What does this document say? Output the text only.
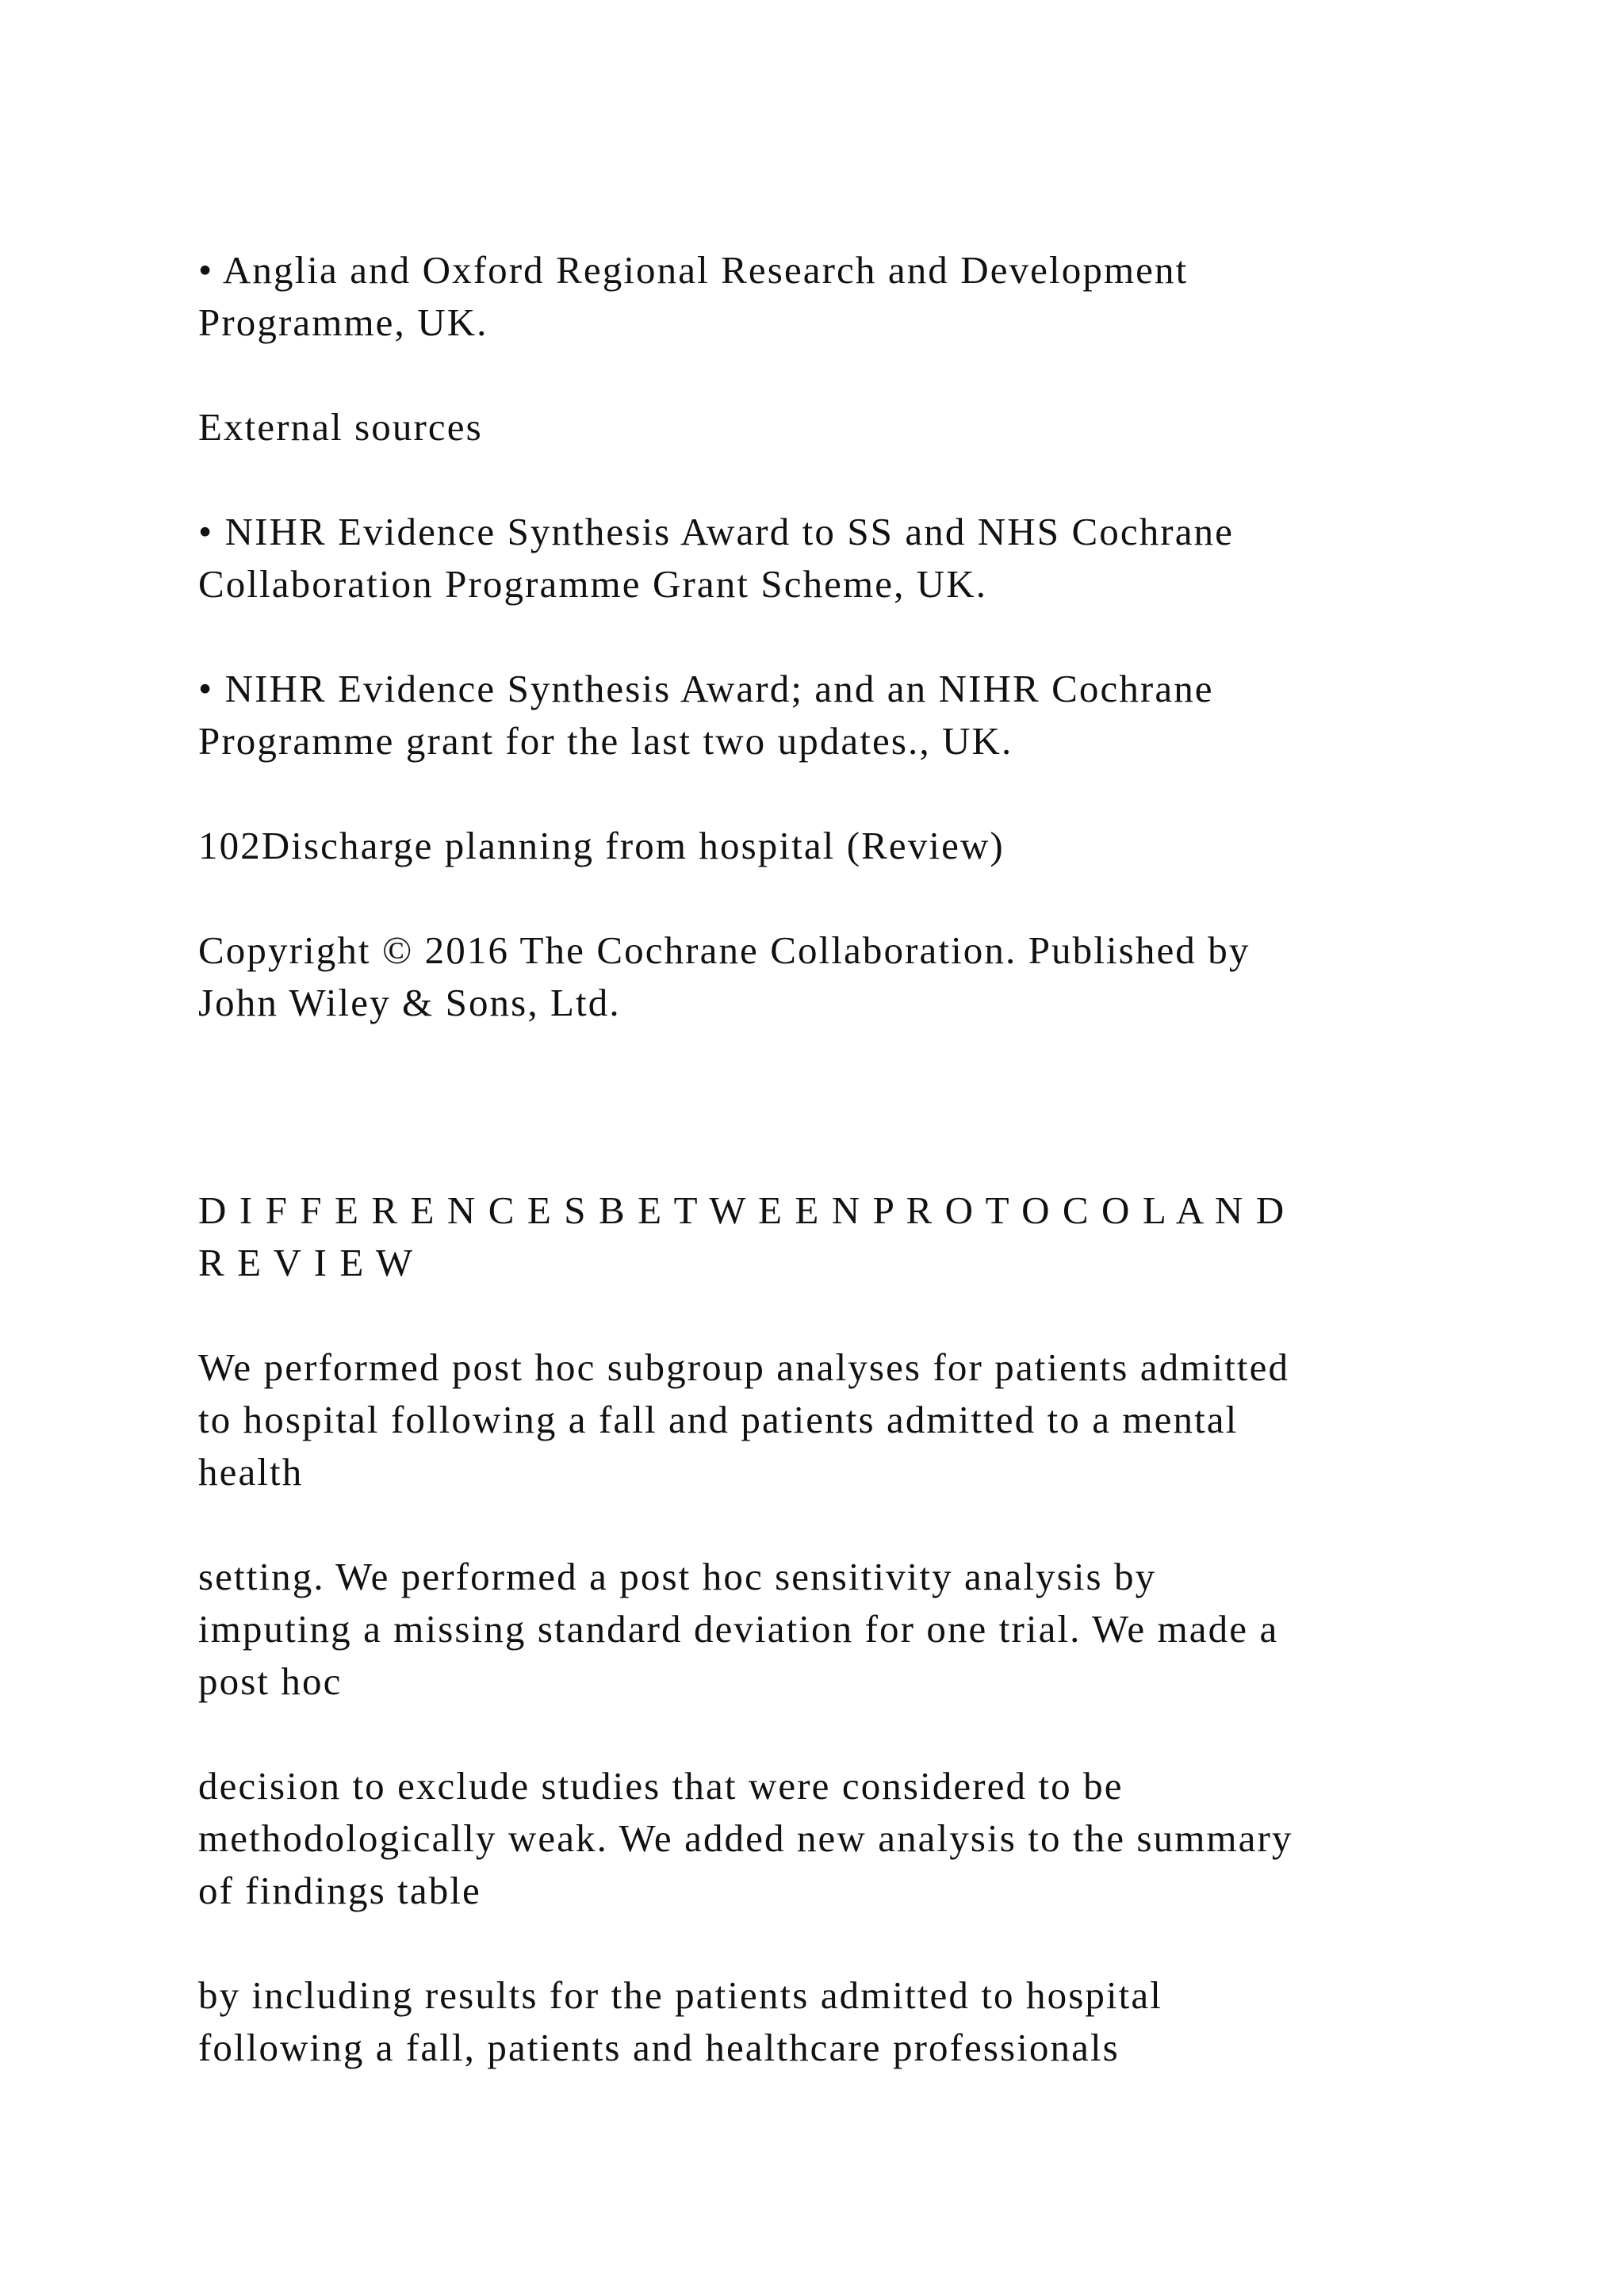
• Anglia and Oxford Regional Research and Development
Programme, UK.

External sources

• NIHR Evidence Synthesis Award to SS and NHS Cochrane
Collaboration Programme Grant Scheme, UK.

• NIHR Evidence Synthesis Award; and an NIHR Cochrane
Programme grant for the last two updates., UK.

102Discharge planning from hospital (Review)

Copyright © 2016 The Cochrane Collaboration. Published by
John Wiley & Sons, Ltd.

D I F F E R E N C E S B E T W E E N P R O T O C O L A N D
R E V I E W

We performed post hoc subgroup analyses for patients admitted
to hospital following a fall and patients admitted to a mental
health

setting. We performed a post hoc sensitivity analysis by
imputing a missing standard deviation for one trial. We made a
post hoc

decision to exclude studies that were considered to be
methodologically weak. We added new analysis to the summary
of findings table

by including results for the patients admitted to hospital
following a fall, patients and healthcare professionals
